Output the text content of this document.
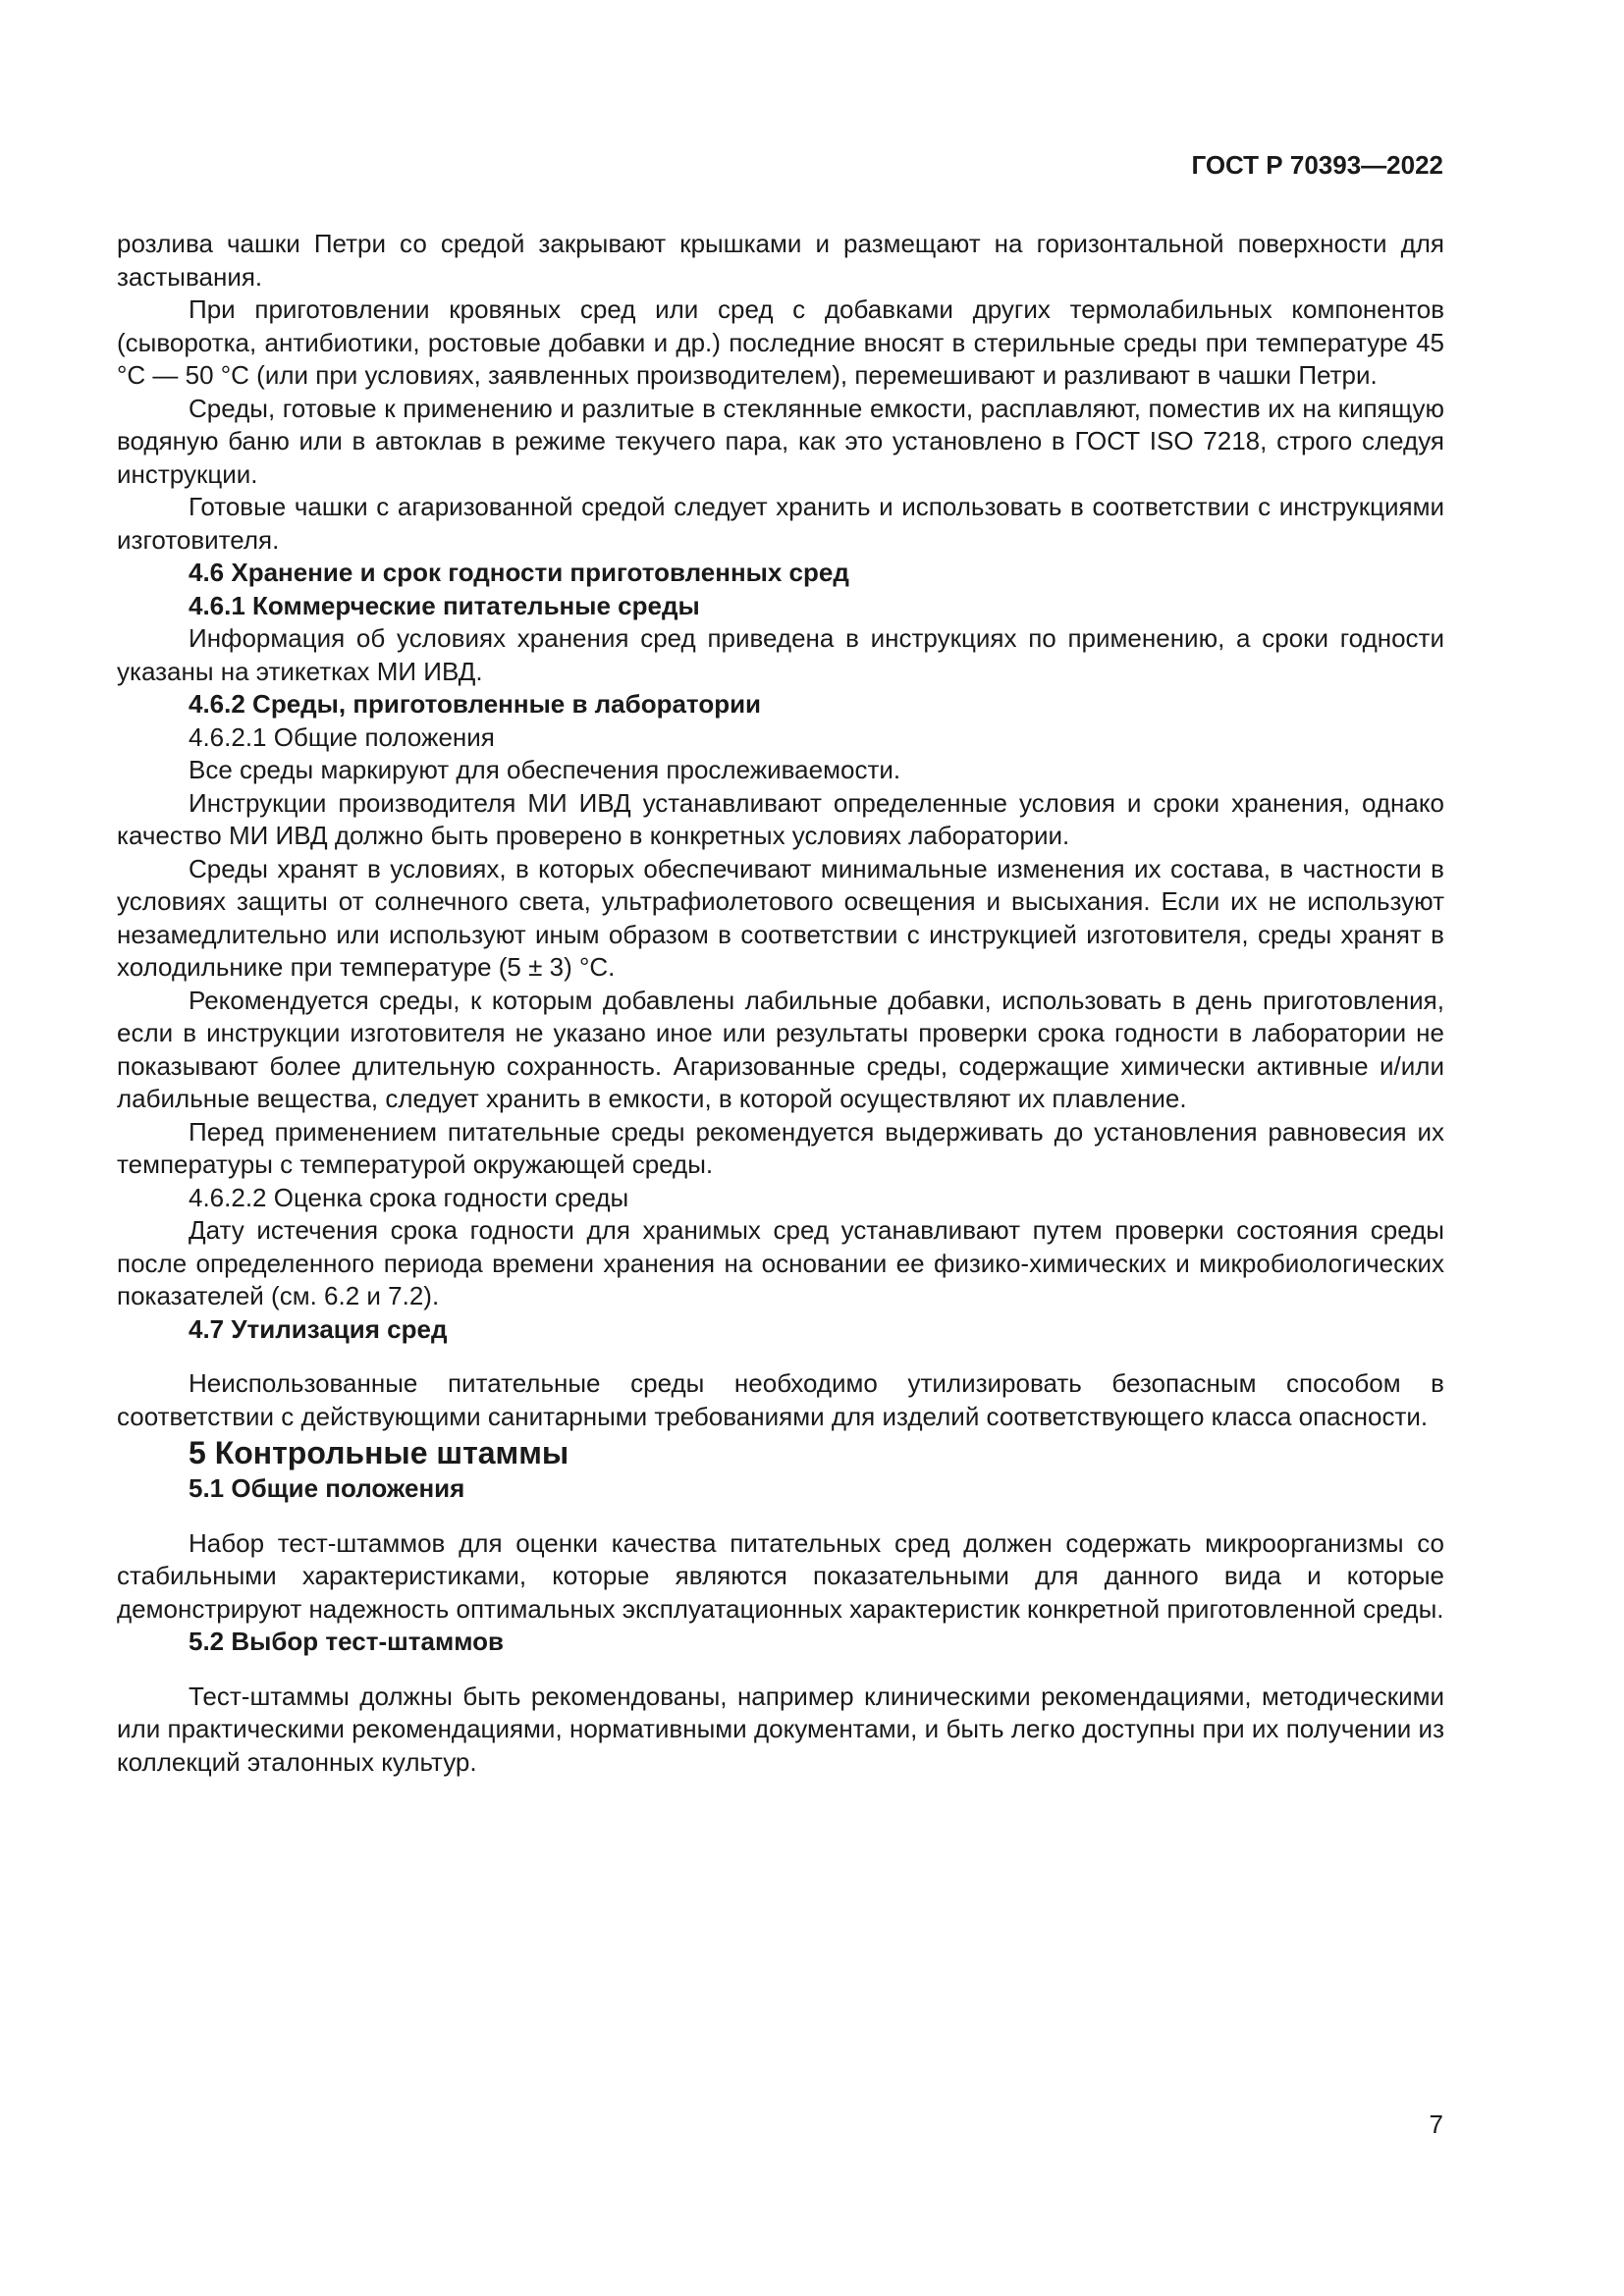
ГОСТ Р 70393—2022

розлива чашки Петри со средой закрывают крышками и размещают на горизонтальной поверхности для застывания.

При приготовлении кровяных сред или сред с добавками других термолабильных компонентов (сыворотка, антибиотики, ростовые добавки и др.) последние вносят в стерильные среды при температуре 45 °С — 50 °С (или при условиях, заявленных производителем), перемешивают и разливают в чашки Петри.

Среды, готовые к применению и разлитые в стеклянные емкости, расплавляют, поместив их на кипящую водяную баню или в автоклав в режиме текучего пара, как это установлено в ГОСТ ISO 7218, строго следуя инструкции.

Готовые чашки с агаризованной средой следует хранить и использовать в соответствии с инструкциями изготовителя.

4.6 Хранение и срок годности приготовленных сред
4.6.1 Коммерческие питательные среды

Информация об условиях хранения сред приведена в инструкциях по применению, а сроки годности указаны на этикетках МИ ИВД.

4.6.2 Среды, приготовленные в лаборатории

4.6.2.1 Общие положения

Все среды маркируют для обеспечения прослеживаемости.

Инструкции производителя МИ ИВД устанавливают определенные условия и сроки хранения, однако качество МИ ИВД должно быть проверено в конкретных условиях лаборатории.

Среды хранят в условиях, в которых обеспечивают минимальные изменения их состава, в частности в условиях защиты от солнечного света, ультрафиолетового освещения и высыхания. Если их не используют незамедлительно или используют иным образом в соответствии с инструкцией изготовителя, среды хранят в холодильнике при температуре (5 ± 3) °С.

Рекомендуется среды, к которым добавлены лабильные добавки, использовать в день приготовления, если в инструкции изготовителя не указано иное или результаты проверки срока годности в лаборатории не показывают более длительную сохранность. Агаризованные среды, содержащие химически активные и/или лабильные вещества, следует хранить в емкости, в которой осуществляют их плавление.

Перед применением питательные среды рекомендуется выдерживать до установления равновесия их температуры с температурой окружающей среды.

4.6.2.2 Оценка срока годности среды

Дату истечения срока годности для хранимых сред устанавливают путем проверки состояния среды после определенного периода времени хранения на основании ее физико-химических и микробиологических показателей (см. 6.2 и 7.2).

4.7 Утилизация сред

Неиспользованные питательные среды необходимо утилизировать безопасным способом в соответствии с действующими санитарными требованиями для изделий соответствующего класса опасности.

5 Контрольные штаммы
5.1 Общие положения

Набор тест-штаммов для оценки качества питательных сред должен содержать микроорганизмы со стабильными характеристиками, которые являются показательными для данного вида и которые демонстрируют надежность оптимальных эксплуатационных характеристик конкретной приготовленной среды.

5.2 Выбор тест-штаммов

Тест-штаммы должны быть рекомендованы, например клиническими рекомендациями, методическими или практическими рекомендациями, нормативными документами, и быть легко доступны при их получении из коллекций эталонных культур.

7
